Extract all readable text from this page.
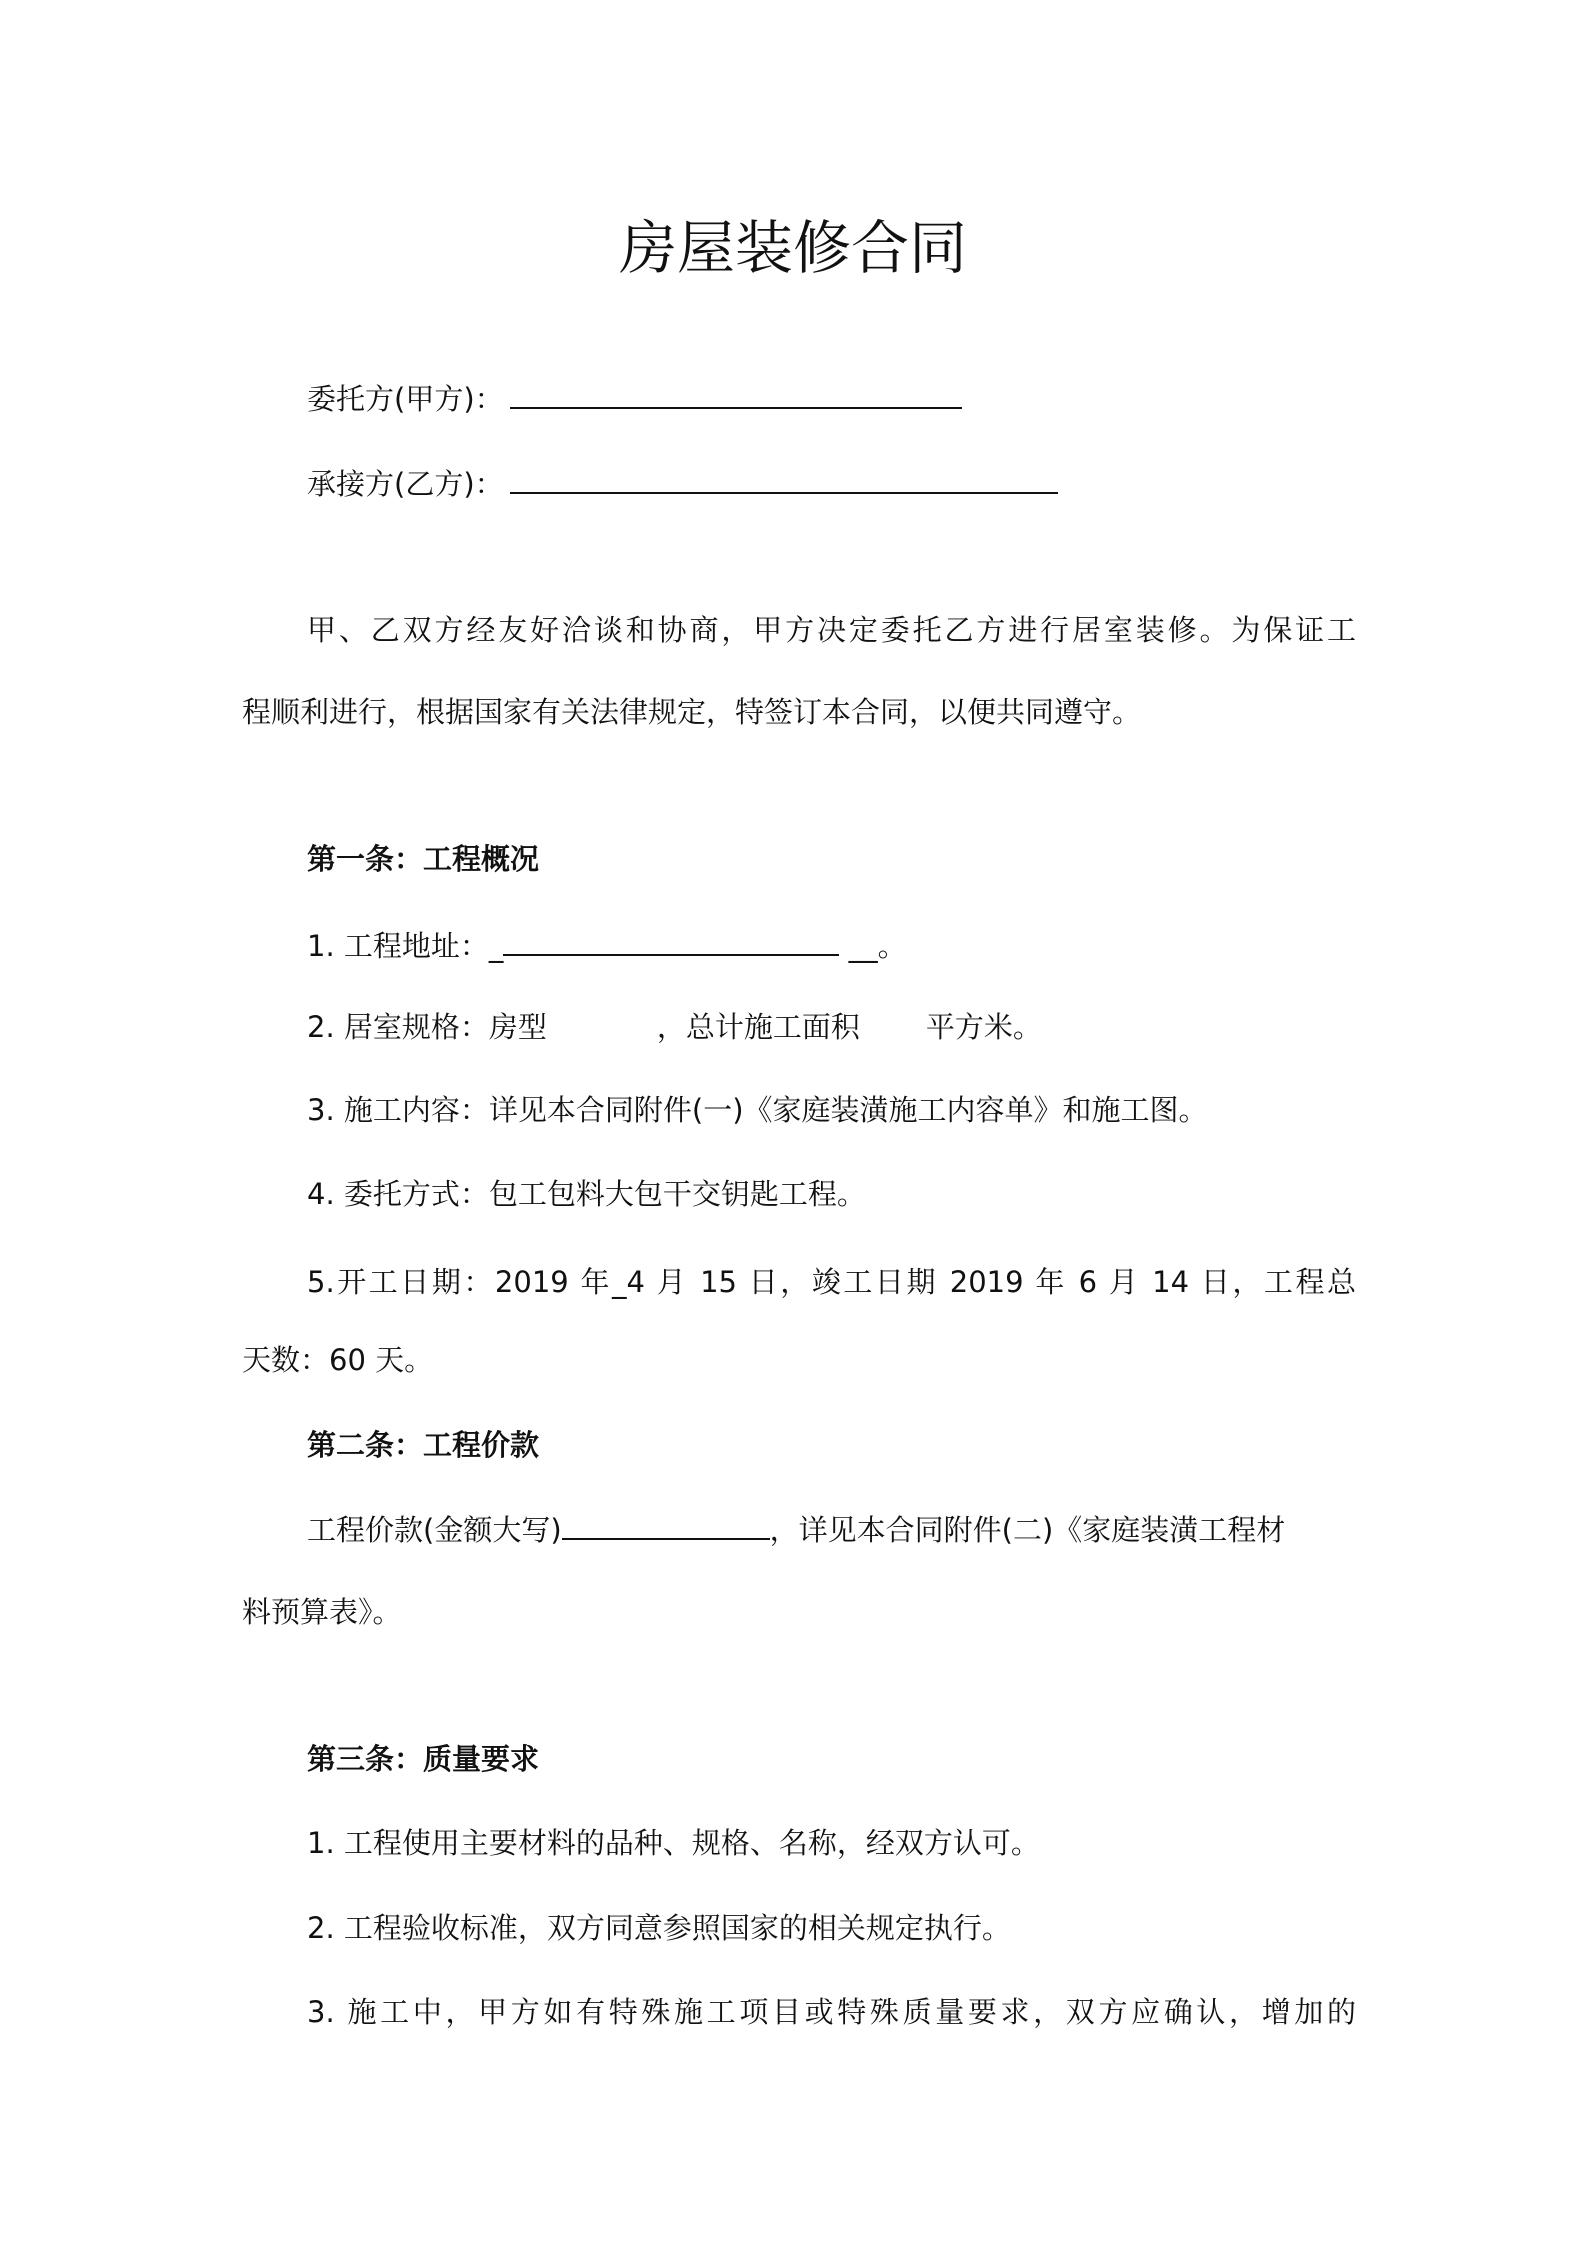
房屋装修合同
委托方(甲方)：
承接方(乙方)：
甲、乙双方经友好洽谈和协商，甲方决定委托乙方进行居室装修。为保证工
程顺利进行，根据国家有关法律规定，特签订本合同，以便共同遵守。
第一条：工程概况
1. 工程地址：_	__。
2. 居室规格：房型	，总计施工面积 平方米。
3. 施工内容：详见本合同附件(一)《家庭装潢施工内容单》和施工图。
4. 委托方式：包工包料大包干交钥匙工程。
5.开工日期：2019 年_4 月 15 日，竣工日期 2019 年 6 月 14 日，工程总
天数：60 天。
第二条：工程价款
工程价款(金额大写)	，详见本合同附件(二)《家庭装潢工程材
料预算表》。
第三条：质量要求
1. 工程使用主要材料的品种、规格、名称，经双方认可。
2. 工程验收标准，双方同意参照国家的相关规定执行。
3. 施工中，甲方如有特殊施工项目或特殊质量要求，双方应确认，增加的
